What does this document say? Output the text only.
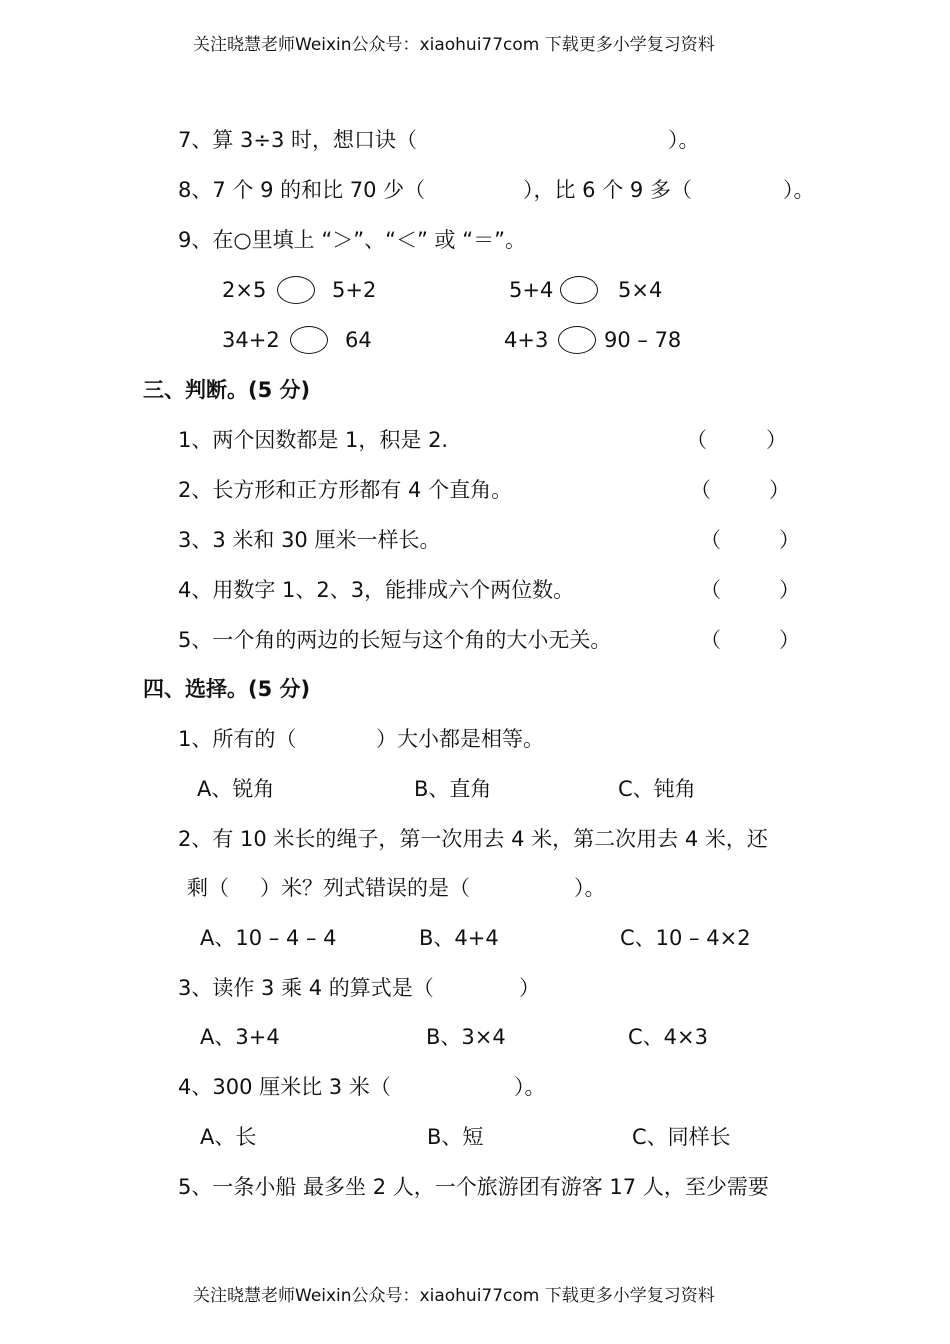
关注晓慧老师Weixin公众号：xiaohui77com 下载更多小学复习资料
7、算 3÷3 时，想口诀（	）。
8、7 个 9 的和比 70 少（	），比 6 个 9 多（	）。
9、在○里填上 “＞”、“＜” 或 “＝”。
2×5	5+2	5+4	5×4
34+2	64	4+3	90 – 78
三、判断。(5 分)
1、两个因数都是 1，积是 2.	（	）
2、长方形和正方形都有 4 个直角。	（	）
3、3 米和 30 厘米一样长。	（	）
4、用数字 1、2、3，能排成六个两位数。	（	）
5、一个角的两边的长短与这个角的大小无关。	（	）
四、选择。(5 分)
1、所有的（	）大小都是相等。
A、锐角	B、直角	C、钝角
2、有 10 米长的绳子，第一次用去 4 米，第二次用去 4 米，还
剩（ ）米？列式错误的是（	）。
A、10 – 4 – 4	B、4+4	C、10 – 4×2
3、读作 3 乘 4 的算式是（	）
A、3+4	B、3×4	C、4×3
4、300 厘米比 3 米（	）。
A、长	B、短	C、同样长
5、一条小船 最多坐 2 人，一个旅游团有游客 17 人，至少需要
关注晓慧老师Weixin公众号：xiaohui77com 下载更多小学复习资料
